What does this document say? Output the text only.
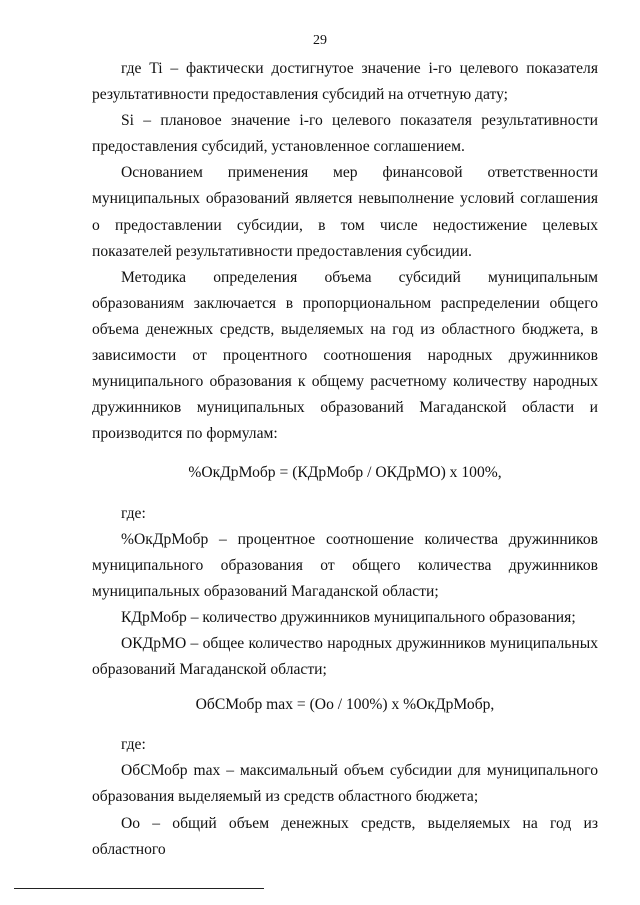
29

где Ti – фактически достигнутое значение i-го целевого показателя результативности предоставления субсидий на отчетную дату;

Si – плановое значение i-го целевого показателя результативности предоставления субсидий, установленное соглашением.

Основанием применения мер финансовой ответственности муниципальных образований является невыполнение условий соглашения о предоставлении субсидии, в том числе недостижение целевых показателей результативности предоставления субсидии.

Методика определения объема субсидий муниципальным образованиям заключается в пропорциональном распределении общего объема денежных средств, выделяемых на год из областного бюджета, в зависимости от процентного соотношения народных дружинников муниципального образования к общему расчетному количеству народных дружинников муниципальных образований Магаданской области и производится по формулам:

%ОкДрМобр = (КДрМобр / ОКДрМО) х 100%,

где:

%ОкДрМобр – процентное соотношение количества дружинников муниципального образования от общего количества дружинников муниципальных образований Магаданской области;

КДрМобр – количество дружинников муниципального образования;

ОКДрМО – общее количество народных дружинников муниципальных образований Магаданской области;

ОбСМобр max = (Оо / 100%) х %ОкДрМобр,

где:

ОбСМобр max – максимальный объем субсидии для муниципального образования выделяемый из средств областного бюджета;

Оо – общий объем денежных средств, выделяемых на год из областного
